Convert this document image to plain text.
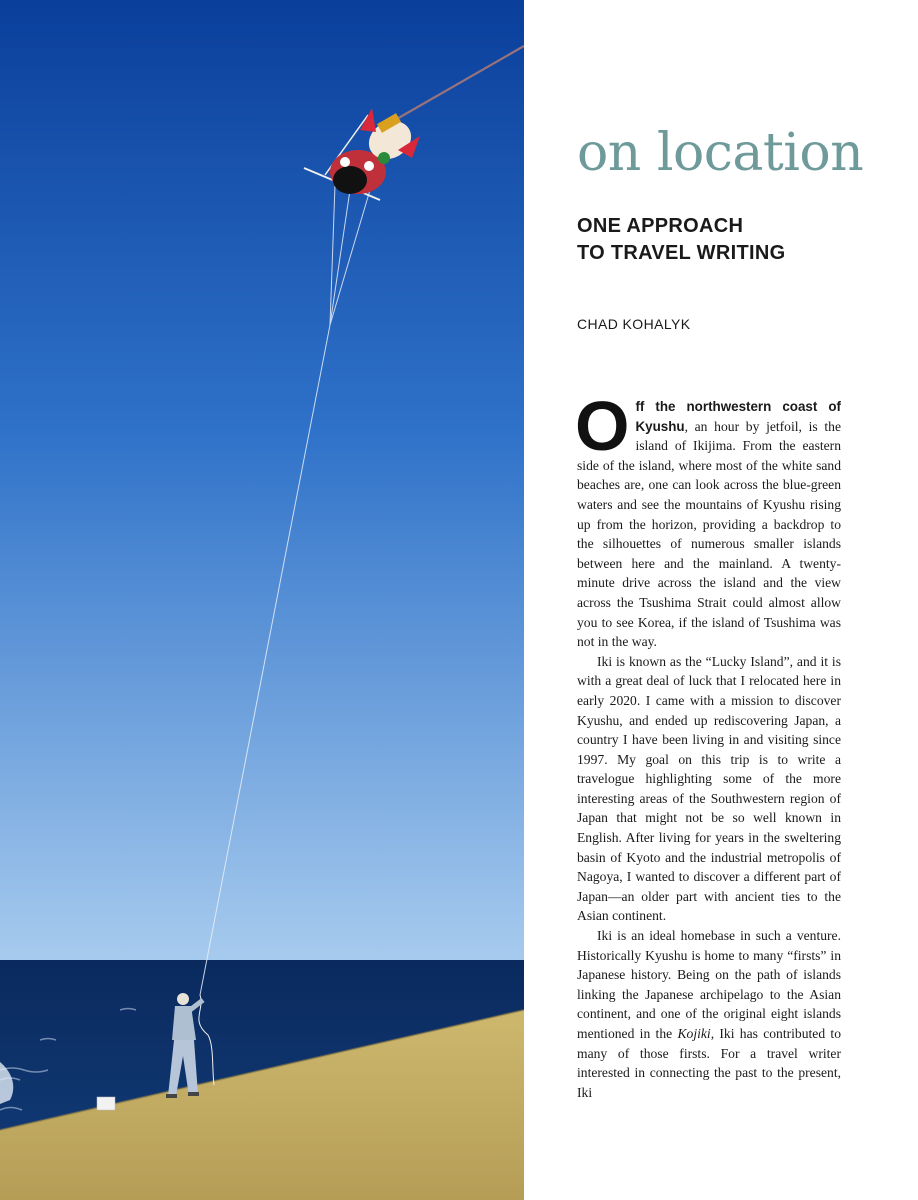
on location
ONE APPROACH
TO TRAVEL WRITING

CHAD KOHALYK

Off the northwestern coast of Kyushu, an hour by jetfoil, is the island of Ikijima. From the eastern side of the island, where most of the white sand beaches are, one can look across the blue-green waters and see the mountains of Kyushu rising up from the horizon, providing a backdrop to the silhouettes of numerous smaller islands between here and the mainland. A twenty-minute drive across the island and the view across the Tsushima Strait could almost allow you to see Korea, if the island of Tsushima was not in the way.

Iki is known as the “Lucky Island”, and it is with a great deal of luck that I relocated here in early 2020. I came with a mission to discover Kyushu, and ended up rediscovering Japan, a country I have been living in and visiting since 1997. My goal on this trip is to write a travelogue highlighting some of the more interesting areas of the Southwestern region of Japan that might not be so well known in English. After living for years in the sweltering basin of Kyoto and the industrial metropolis of Nagoya, I wanted to discover a different part of Japan—an older part with ancient ties to the Asian continent.

Iki is an ideal homebase in such a venture. Historically Kyushu is home to many “firsts” in Japanese history. Being on the path of islands linking the Japanese archipelago to the Asian continent, and one of the original eight islands mentioned in the Kojiki, Iki has contributed to many of those firsts. For a travel writer interested in connecting the past to the present, Iki
